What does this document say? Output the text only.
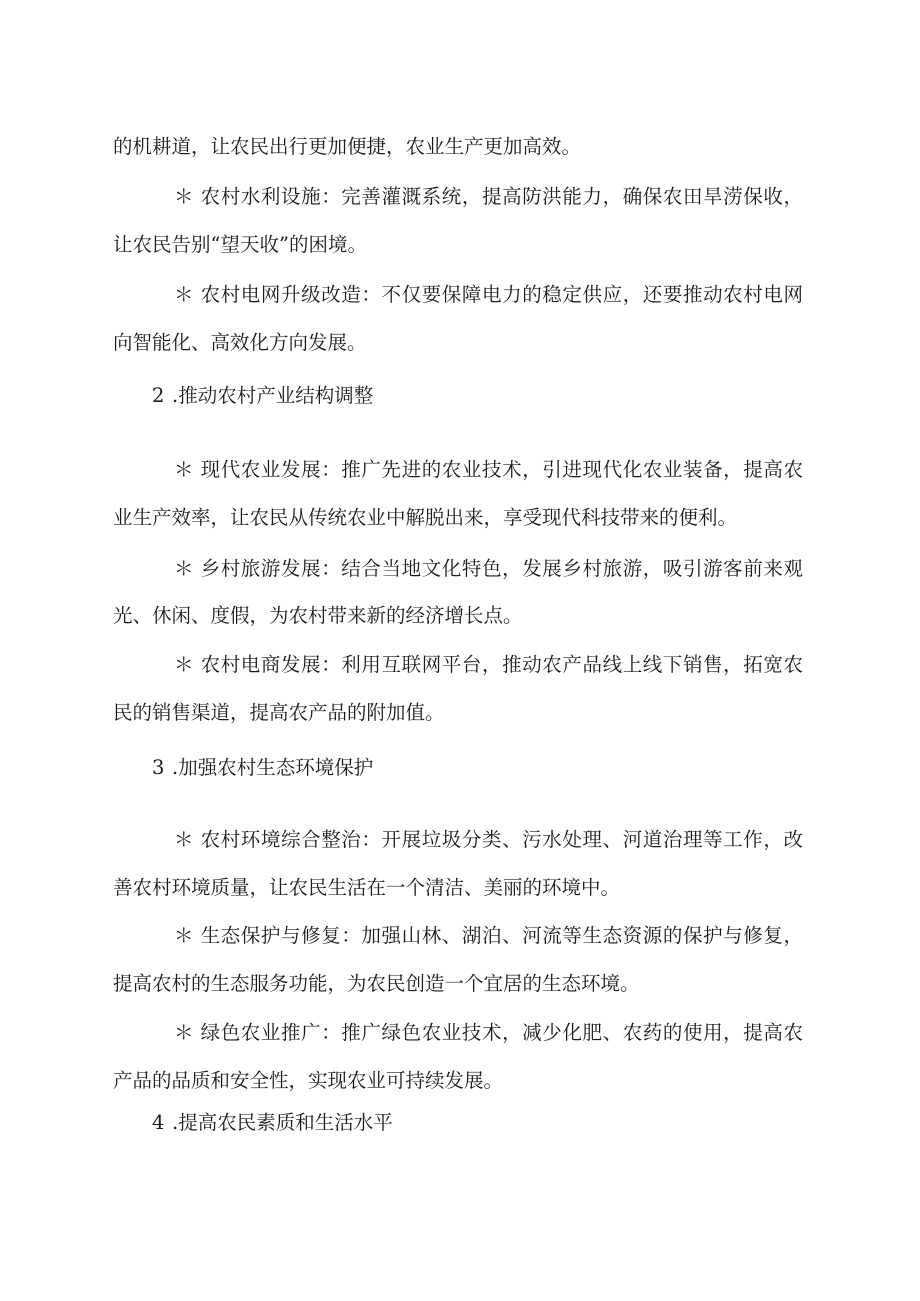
的机耕道，让农民出行更加便捷，农业生产更加高效。
＊ 农村水利设施：完善灌溉系统，提高防洪能力，确保农田旱涝保收，
让农民告别“望天收”的困境。
＊ 农村电网升级改造：不仅要保障电力的稳定供应，还要推动农村电网
向智能化、高效化方向发展。
2 .推动农村产业结构调整
＊ 现代农业发展：推广先进的农业技术，引进现代化农业装备，提高农
业生产效率，让农民从传统农业中解脱出来，享受现代科技带来的便利。
＊ 乡村旅游发展：结合当地文化特色，发展乡村旅游，吸引游客前来观
光、休闲、度假，为农村带来新的经济增长点。
＊ 农村电商发展：利用互联网平台，推动农产品线上线下销售，拓宽农
民的销售渠道，提高农产品的附加值。
3 .加强农村生态环境保护
＊ 农村环境综合整治：开展垃圾分类、污水处理、河道治理等工作，改
善农村环境质量，让农民生活在一个清洁、美丽的环境中。
＊ 生态保护与修复：加强山林、湖泊、河流等生态资源的保护与修复，
提高农村的生态服务功能，为农民创造一个宜居的生态环境。
＊ 绿色农业推广：推广绿色农业技术，减少化肥、农药的使用，提高农
产品的品质和安全性，实现农业可持续发展。
4 .提高农民素质和生活水平
